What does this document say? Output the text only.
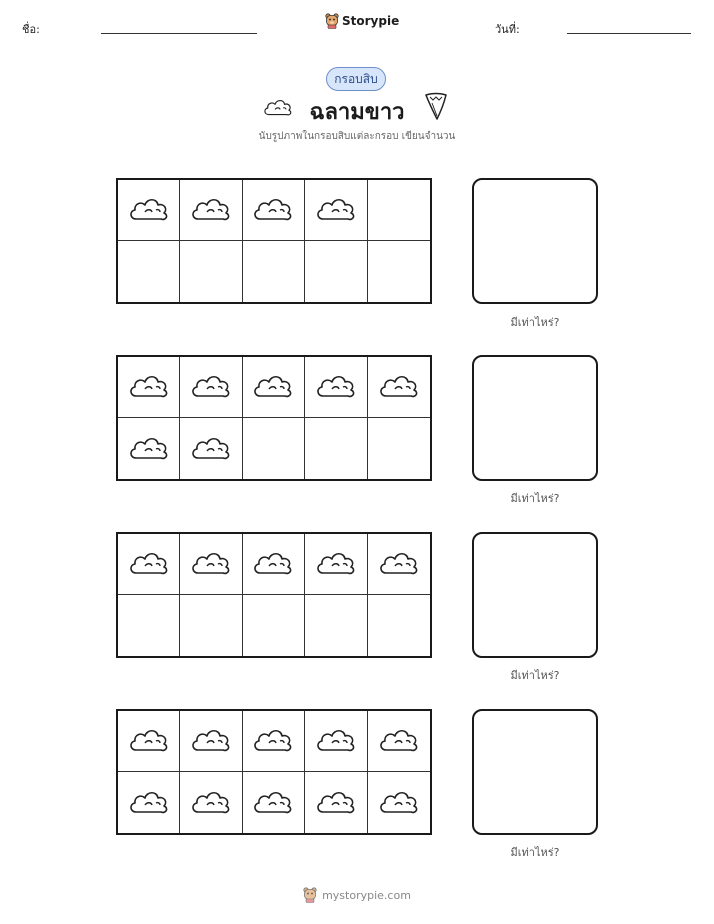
ชื่อ:
Storypie
วันที่:
กรอบสิบ
ฉลามขาว
นับรูปภาพในกรอบสิบแต่ละกรอบ เขียนจำนวน
มีเท่าไหร่?
มีเท่าไหร่?
มีเท่าไหร่?
มีเท่าไหร่?
mystorypie.com
